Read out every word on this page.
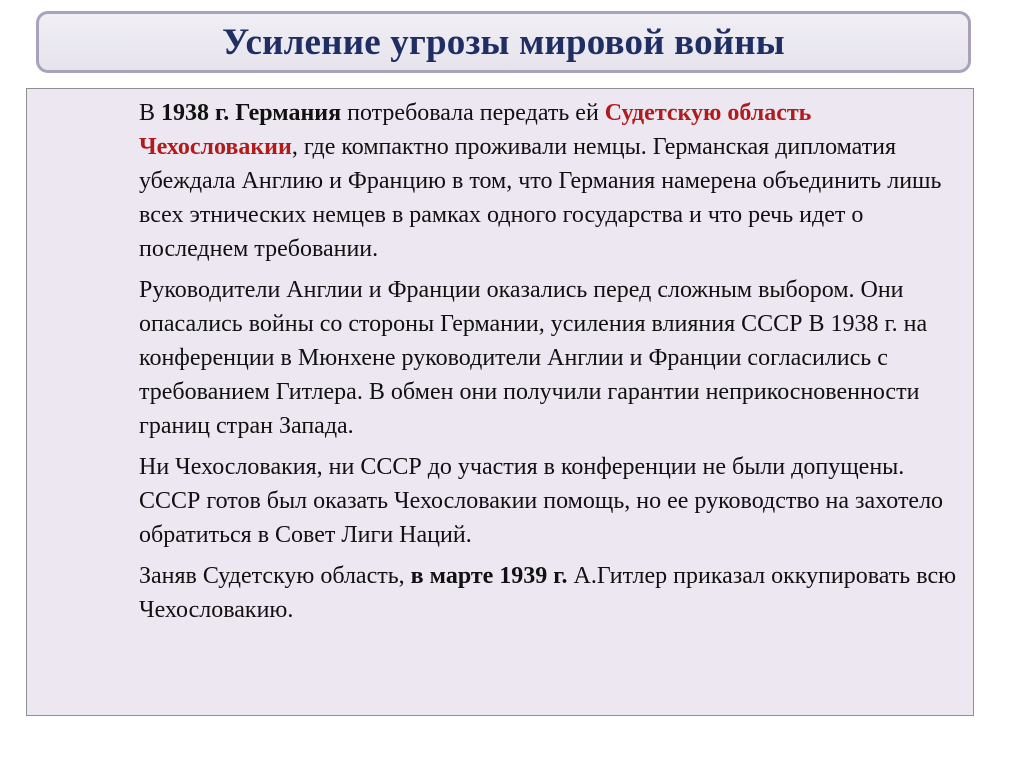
Усиление угрозы мировой войны

В 1938 г. Германия потребовала передать ей Судетскую область Чехословакии, где компактно проживали немцы. Германская дипломатия убеждала Англию и Францию в том, что Германия намерена объединить лишь всех этнических немцев в рамках одного государства и что речь идет о последнем требовании.

Руководители Англии и Франции оказались перед сложным выбором. Они опасались войны со стороны Германии, усиления влияния СССР В 1938 г. на конференции в Мюнхене руководители Англии и Франции согласились с требованием Гитлера. В обмен они получили гарантии неприкосновенности границ стран Запада.

Ни Чехословакия, ни СССР до участия в конференции не были допущены. СССР готов был оказать Чехословакии помощь, но ее руководство на захотело обратиться в Совет Лиги Наций.

Заняв Судетскую область, в марте 1939 г. А.Гитлер приказал оккупировать всю Чехословакию.
